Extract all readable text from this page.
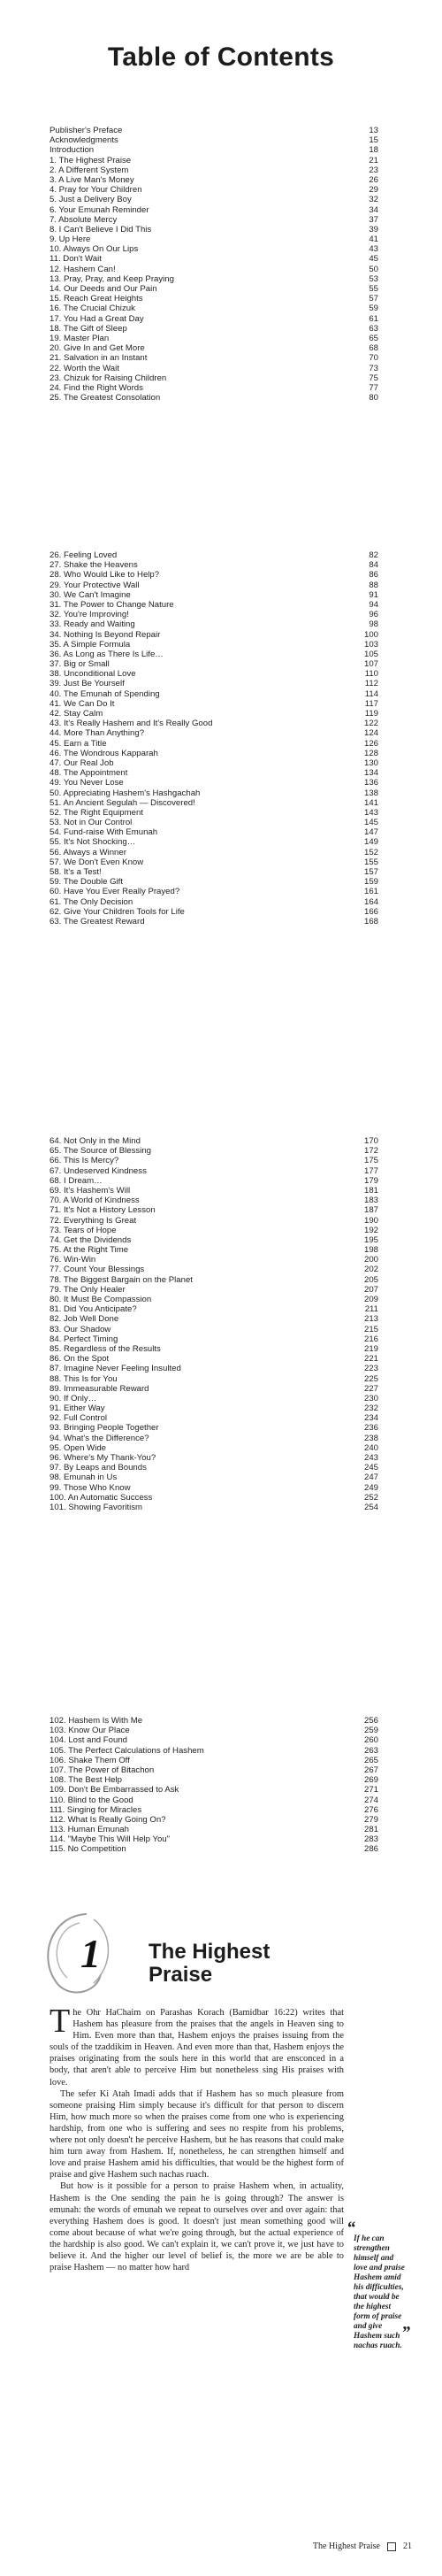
Table of Contents
Publisher's Preface	13
Acknowledgments	15
Introduction	18
1. The Highest Praise	21
2. A Different System	23
3. A Live Man's Money	26
4. Pray for Your Children	29
5. Just a Delivery Boy	32
6. Your Emunah Reminder	34
7. Absolute Mercy	37
8. I Can't Believe I Did This	39
9. Up Here	41
10. Always On Our Lips	43
11. Don't Wait	45
12. Hashem Can!	50
13. Pray, Pray, and Keep Praying	53
14. Our Deeds and Our Pain	55
15. Reach Great Heights	57
16. The Crucial Chizuk	59
17. You Had a Great Day	61
18. The Gift of Sleep	63
19. Master Plan	65
20. Give In and Get More	68
21. Salvation in an Instant	70
22. Worth the Wait	73
23. Chizuk for Raising Children	75
24. Find the Right Words	77
25. The Greatest Consolation	80
26. Feeling Loved	82
27. Shake the Heavens	84
28. Who Would Like to Help?	86
29. Your Protective Wall	88
30. We Can't Imagine	91
31. The Power to Change Nature	94
32. You're Improving!	96
33. Ready and Waiting	98
34. Nothing Is Beyond Repair	100
35. A Simple Formula	103
36. As Long as There Is Life…	105
37. Big or Small	107
38. Unconditional Love	110
39. Just Be Yourself	112
40. The Emunah of Spending	114
41. We Can Do It	117
42. Stay Calm	119
43. It's Really Hashem and It's Really Good	122
44. More Than Anything?	124
45. Earn a Title	126
46. The Wondrous Kapparah	128
47. Our Real Job	130
48. The Appointment	134
49. You Never Lose	136
50. Appreciating Hashem's Hashgachah	138
51. An Ancient Segulah — Discovered!	141
52. The Right Equipment	143
53. Not in Our Control	145
54. Fund-raise With Emunah	147
55. It's Not Shocking…	149
56. Always a Winner	152
57. We Don't Even Know	155
58. It's a Test!	157
59. The Double Gift	159
60. Have You Ever Really Prayed?	161
61. The Only Decision	164
62. Give Your Children Tools for Life	166
63. The Greatest Reward	168
64. Not Only in the Mind	170
65. The Source of Blessing	172
66. This Is Mercy?	175
67. Undeserved Kindness	177
68. I Dream…	179
69. It's Hashem's Will	181
70. A World of Kindness	183
71. It's Not a History Lesson	187
72. Everything Is Great	190
73. Tears of Hope	192
74. Get the Dividends	195
75. At the Right Time	198
76. Win-Win	200
77. Count Your Blessings	202
78. The Biggest Bargain on the Planet	205
79. The Only Healer	207
80. It Must Be Compassion	209
81. Did You Anticipate?	211
82. Job Well Done	213
83. Our Shadow	215
84. Perfect Timing	216
85. Regardless of the Results	219
86. On the Spot	221
87. Imagine Never Feeling Insulted	223
88. This Is for You	225
89. Immeasurable Reward	227
90. If Only…	230
91. Either Way	232
92. Full Control	234
93. Bringing People Together	236
94. What's the Difference?	238
95. Open Wide	240
96. Where's My Thank-You?	243
97. By Leaps and Bounds	245
98. Emunah in Us	247
99. Those Who Know	249
100. An Automatic Success	252
101. Showing Favoritism	254
102. Hashem Is With Me	256
103. Know Our Place	259
104. Lost and Found	260
105. The Perfect Calculations of Hashem	263
106. Shake Them Off	265
107. The Power of Bitachon	267
108. The Best Help	269
109. Don't Be Embarrassed to Ask	271
110. Blind to the Good	274
111. Singing for Miracles	276
112. What Is Really Going On?	279
113. Human Emunah	281
114. "Maybe This Will Help You"	283
115. No Competition	286
1 The Highest
Praise

The Ohr HaChaim on Parashas Korach (Bamidbar 16:22) writes that Hashem has pleasure from the praises that the angels in Heaven sing to Him. Even more than that, Hashem enjoys the praises issuing from the souls of the tzaddikim in Heaven. And even more than that, Hashem enjoys the praises originating from the souls here in this world that are ensconced in a body, that aren't able to perceive Him but nonetheless sing His praises with love.

The sefer Ki Atah Imadi adds that if Hashem has so much pleasure from someone praising Him simply because it's difficult for that person to discern Him, how much more so when the praises come from one who is experiencing hardship, from one who is suffering and sees no respite from his problems, where not only doesn't he perceive Hashem, but he has reasons that could make him turn away from Hashem. If, nonetheless, he can strengthen himself and love and praise Hashem amid his difficulties, that would be the highest form of praise and give Hashem such nachas ruach.

But how is it possible for a person to praise Hashem when, in actuality, Hashem is the One sending the pain he is going through? The answer is emunah: the words of emunah we repeat to ourselves over and over again: that everything Hashem does is good. It doesn't just mean something good will come about because of what we're going through, but the actual experience of the hardship is also good. We can't explain it, we can't prove it, we just have to believe it. And the higher our level of belief is, the more we are be able to praise Hashem — no matter how hard

“
If he can strengthen himself and love and praise Hashem amid his difficulties, that would be the highest form of praise and give Hashem such nachas ruach.
”
The Highest Praise	21
